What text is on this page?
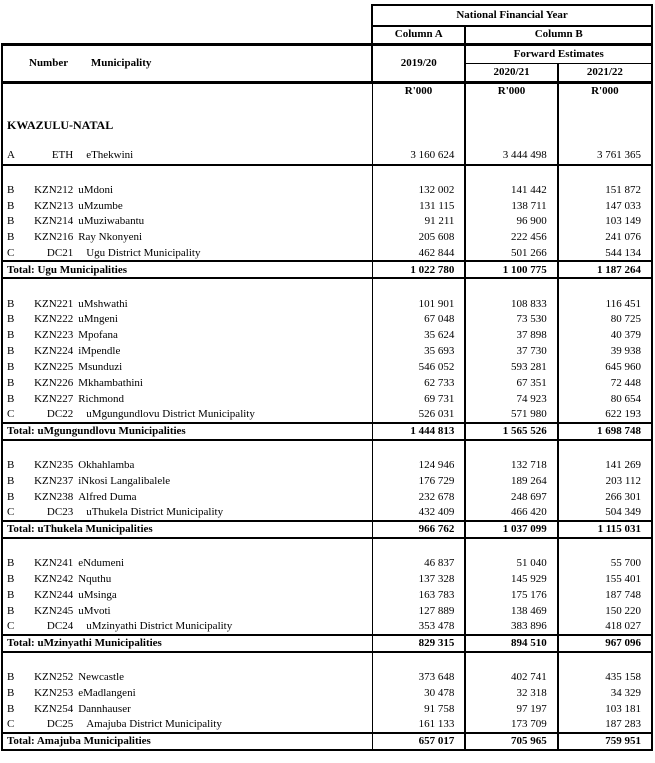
			National Financial Year		
			Column A	Column B	
Number Municipality			2019/20	Forward Estimates	
				2020/21	2021/22
			R'000	R'000	R'000

KWAZULU-NATAL					

A	ETH	eThekwini	3 160 624	3 444 498	3 761 365

B	KZN212	uMdoni	132 002	141 442	151 872
B	KZN213	uMzumbe	131 115	138 711	147 033
B	KZN214	uMuziwabantu	91 211	96 900	103 149
B	KZN216	Ray Nkonyeni	205 608	222 456	241 076
C	DC21	Ugu District Municipality	462 844	501 266	544 134
Total: Ugu Municipalities			1 022 780	1 100 775	1 187 264

B	KZN221	uMshwathi	101 901	108 833	116 451
B	KZN222	uMngeni	67 048	73 530	80 725
B	KZN223	Mpofana	35 624	37 898	40 379
B	KZN224	iMpendle	35 693	37 730	39 938
B	KZN225	Msunduzi	546 052	593 281	645 960
B	KZN226	Mkhambathini	62 733	67 351	72 448
B	KZN227	Richmond	69 731	74 923	80 654
C	DC22	uMgungundlovu District Municipality	526 031	571 980	622 193
Total: uMgungundlovu Municipalities			1 444 813	1 565 526	1 698 748

B	KZN235	Okhahlamba	124 946	132 718	141 269
B	KZN237	iNkosi Langalibalele	176 729	189 264	203 112
B	KZN238	Alfred Duma	232 678	248 697	266 301
C	DC23	uThukela District Municipality	432 409	466 420	504 349
Total: uThukela Municipalities			966 762	1 037 099	1 115 031

B	KZN241	eNdumeni	46 837	51 040	55 700
B	KZN242	Nquthu	137 328	145 929	155 401
B	KZN244	uMsinga	163 783	175 176	187 748
B	KZN245	uMvoti	127 889	138 469	150 220
C	DC24	uMzinyathi District Municipality	353 478	383 896	418 027
Total: uMzinyathi Municipalities			829 315	894 510	967 096

B	KZN252	Newcastle	373 648	402 741	435 158
B	KZN253	eMadlangeni	30 478	32 318	34 329
B	KZN254	Dannhauser	91 758	97 197	103 181
C	DC25	Amajuba District Municipality	161 133	173 709	187 283
Total: Amajuba Municipalities			657 017	705 965	759 951
